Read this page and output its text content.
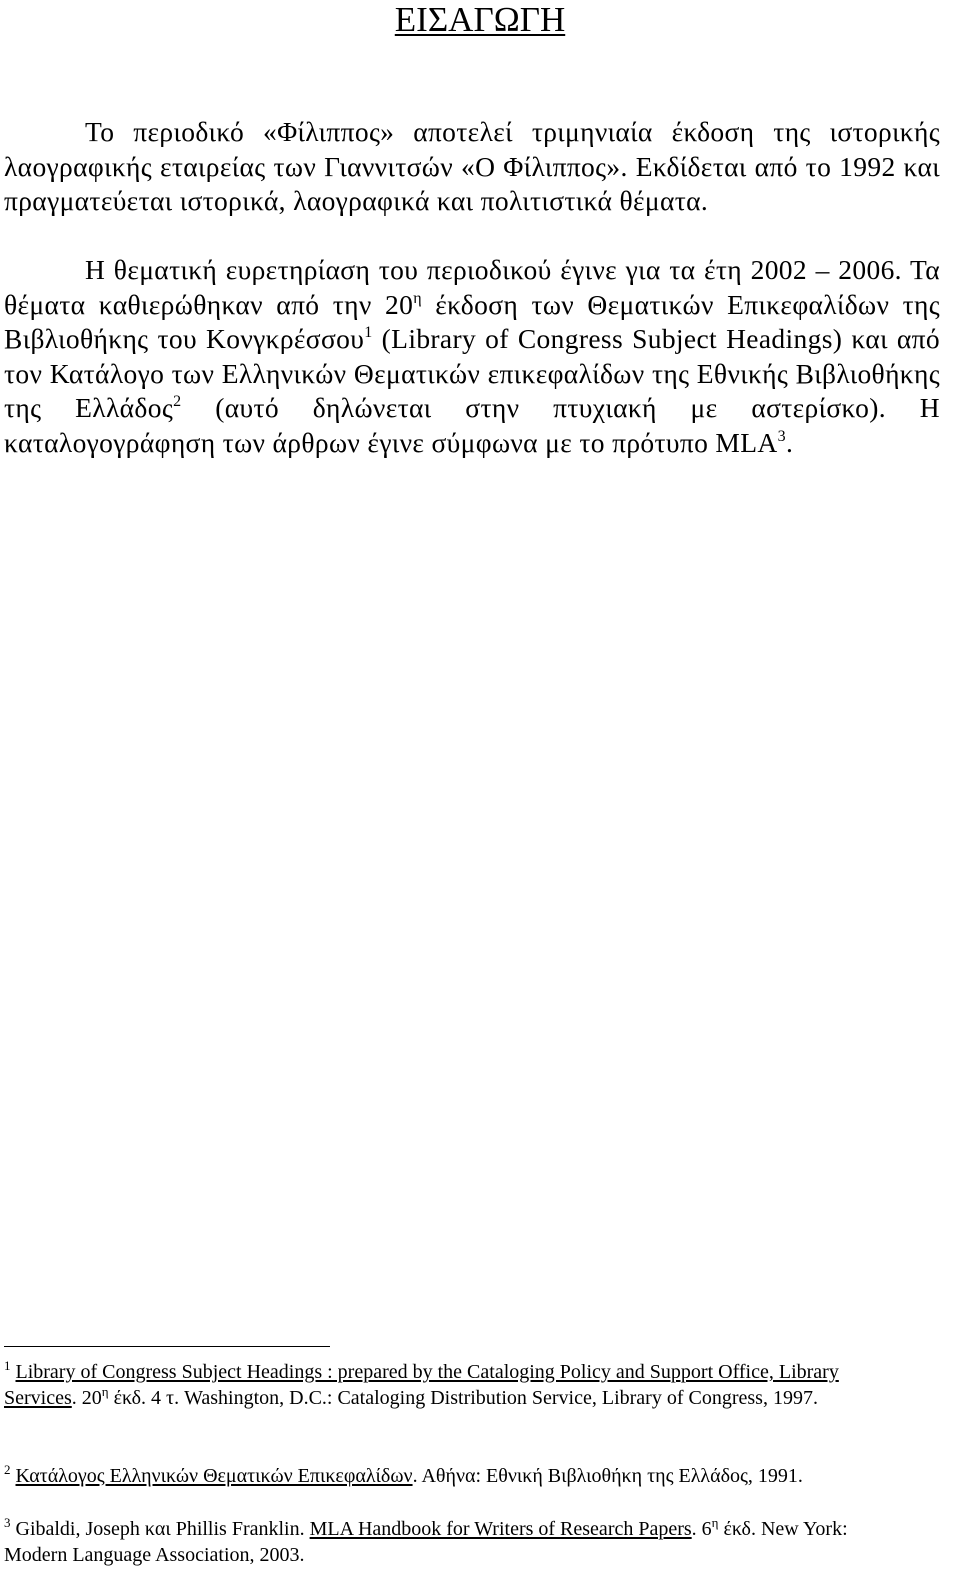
ΕΙΣΑΓΩΓΗ

Το περιοδικό «Φίλιππος» αποτελεί τριμηνιαία έκδοση της ιστορικής λαογραφικής εταιρείας των Γιαννιτσών «Ο Φίλιππος». Εκδίδεται από το 1992 και πραγματεύεται ιστορικά, λαογραφικά και πολιτιστικά θέματα.

Η θεματική ευρετηρίαση του περιοδικού έγινε για τα έτη 2002 – 2006. Τα θέματα καθιερώθηκαν από την $20^\eta$ έκδοση των Θεματικών Επικεφαλίδων της Βιβλιοθήκης του Κονγκρέσσου$^1$ (Library of Congress Subject Headings) και από τον Κατάλογο των Ελληνικών Θεματικών επικεφαλίδων της Εθνικής Βιβλιοθήκης της Ελλάδος$^2$ (αυτό δηλώνεται στην πτυχιακή με αστερίσκο). Η καταλογογράφηση των άρθρων έγινε σύμφωνα με το πρότυπο MLA$^3$.

$^1$ Library of Congress Subject Headings : prepared by the Cataloging Policy and Support Office, Library Services. $20^\eta$ έκδ. 4 τ. Washington, D.C.: Cataloging Distribution Service, Library of Congress, 1997.

$^2$ Κατάλογος Ελληνικών Θεματικών Επικεφαλίδων. Αθήνα: Εθνική Βιβλιοθήκη της Ελλάδος, 1991.

$^3$ Gibaldi, Joseph και Phillis Franklin. MLA Handbook for Writers of Research Papers. $6^\eta$ έκδ. New York: Modern Language Association, 2003.
